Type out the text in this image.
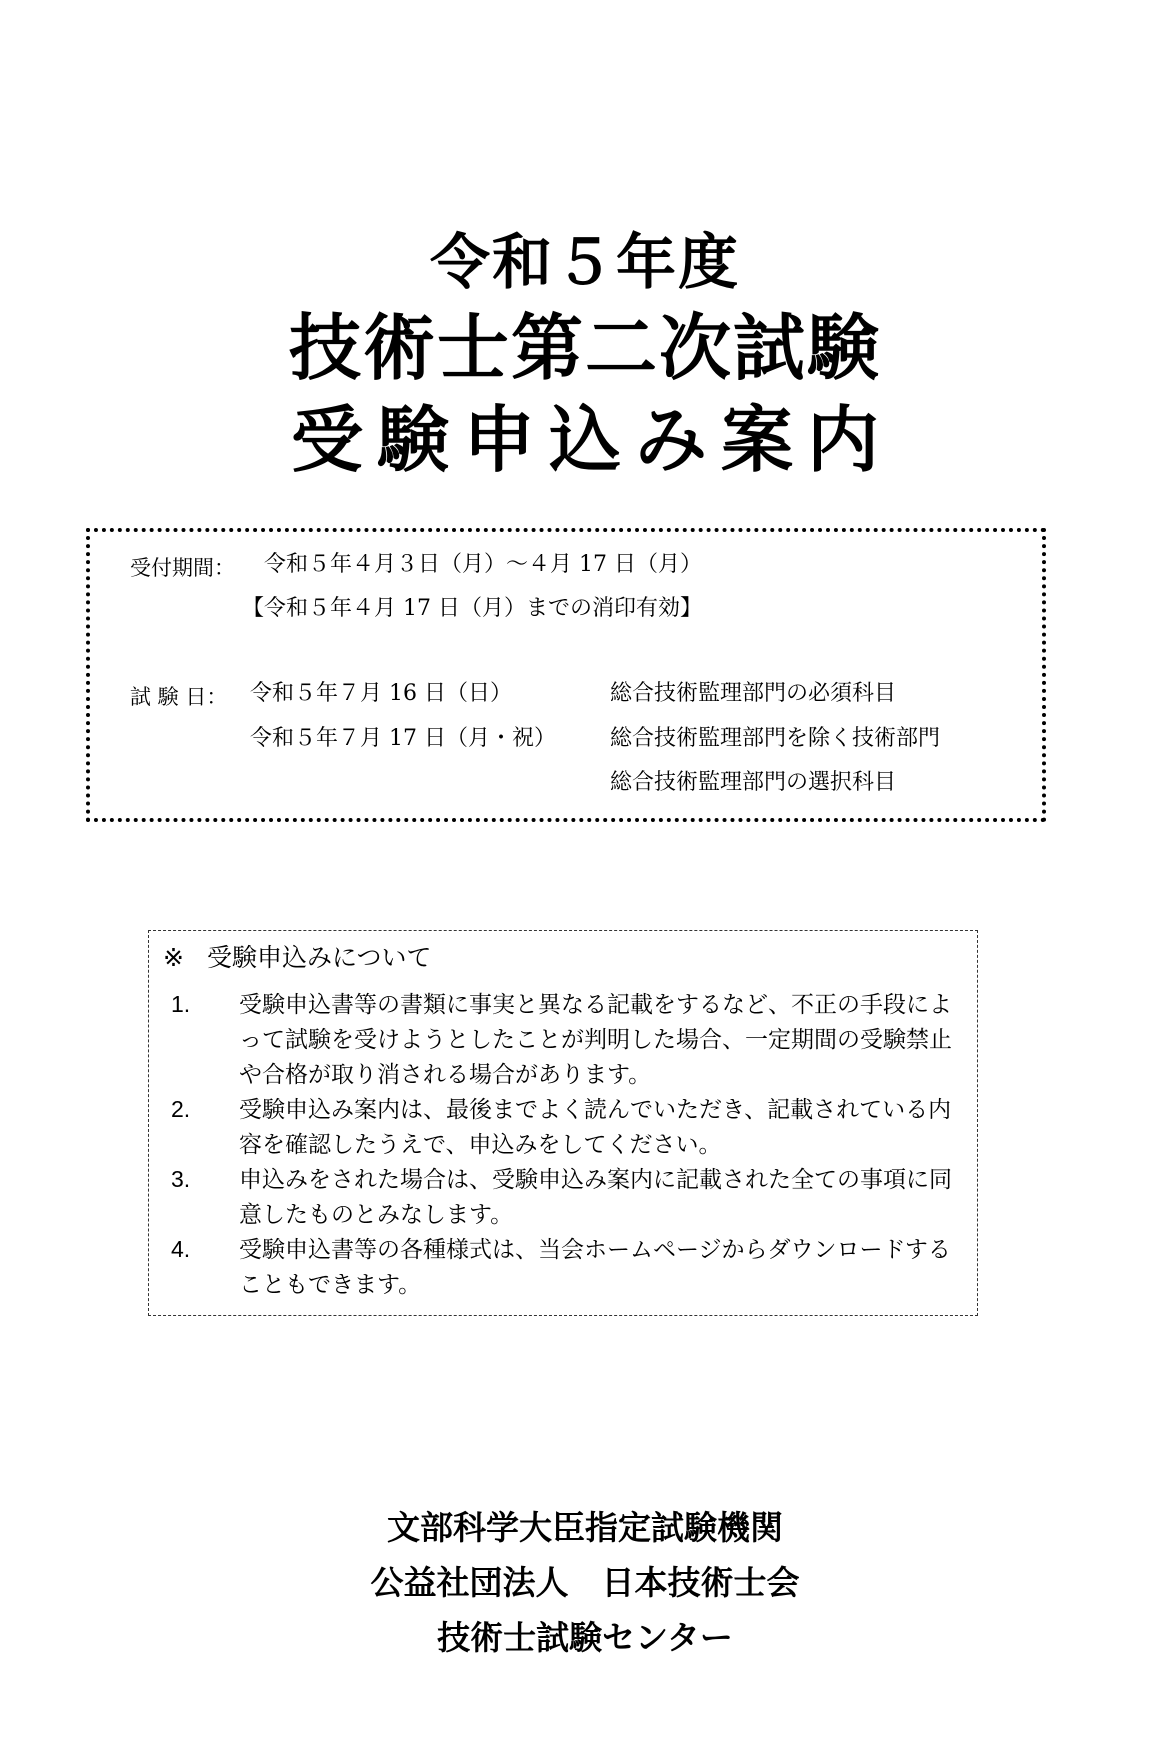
令和５年度
技術士第二次試験
受験申込み案内
受付期間： 令和５年４月３日（月）～４月 17 日（月）
【令和５年４月 17 日（月）までの消印有効】
試 験 日： 令和５年７月 16 日（日）	総合技術監理部門の必須科目
令和５年７月 17 日（月・祝） 総合技術監理部門を除く技術部門
総合技術監理部門の選択科目
※ 受験申込みについて
1.	受験申込書等の書類に事実と異なる記載をするなど、不正の手段によって試験を受けようとしたことが判明した場合、一定期間の受験禁止や合格が取り消される場合があります。
2.	受験申込み案内は、最後までよく読んでいただき、記載されている内容を確認したうえで、申込みをしてください。
3.	申込みをされた場合は、受験申込み案内に記載された全ての事項に同意したものとみなします。
4.	受験申込書等の各種様式は、当会ホームページからダウンロードすることもできます。
文部科学大臣指定試験機関
公益社団法人　日本技術士会
技術士試験センター
